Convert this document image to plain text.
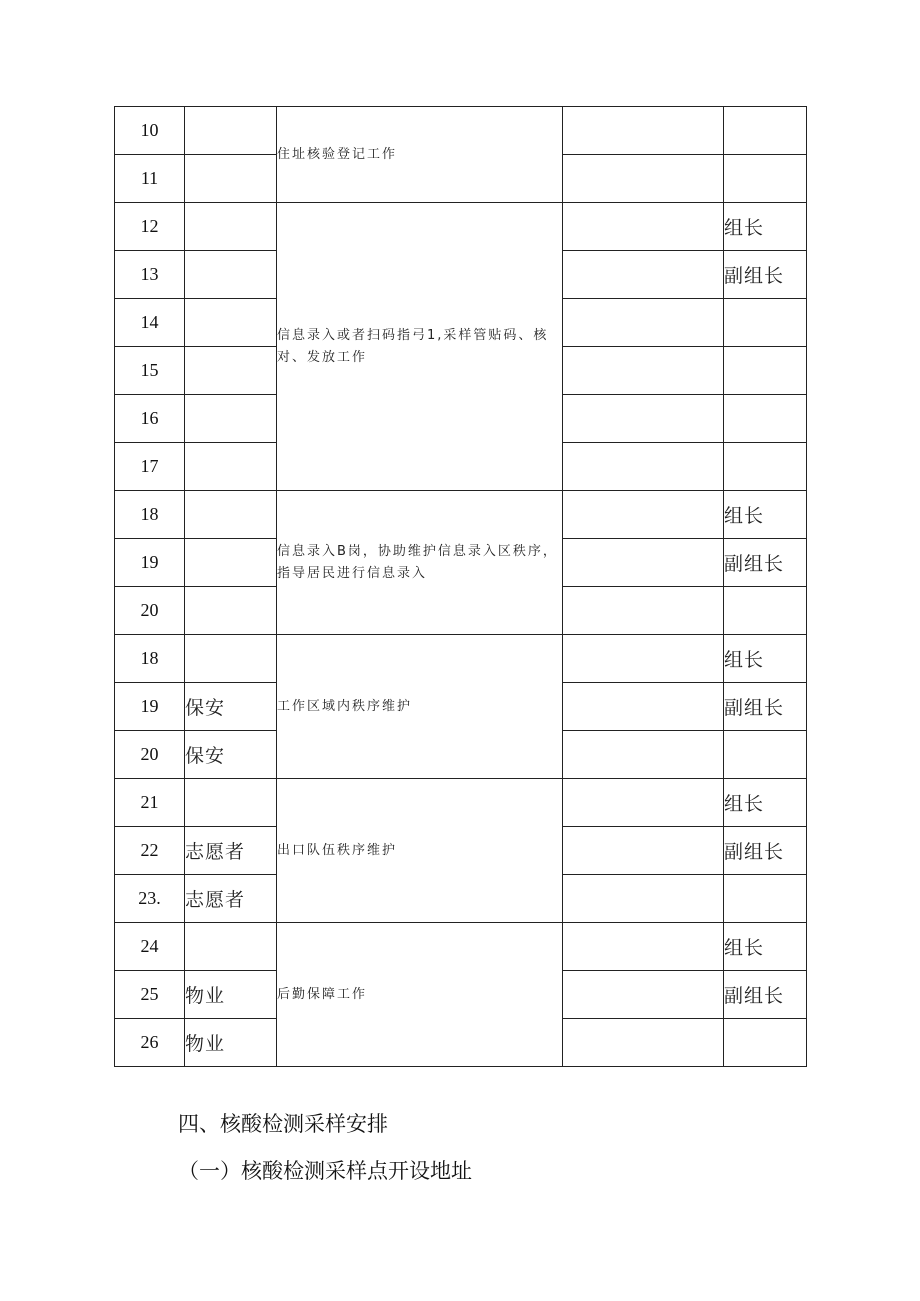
10		住址核验登记工作		
11				
12		信息录入或者扫码指弓1,采样管贴码、核对、发放工作		组长
13				副组长
14				
15				
16				
17				
18		信息录入B岗，协助维护信息录入区秩序，指导居民进行信息录入		组长
19				副组长
20				
18		工作区域内秩序维护		组长
19	保安			副组长
20	保安			
21		出口队伍秩序维护		组长
22	志愿者			副组长
23.	志愿者			
24		后勤保障工作		组长
25	物业			副组长
26	物业			
四、核酸检测采样安排
（一）核酸检测采样点开设地址
